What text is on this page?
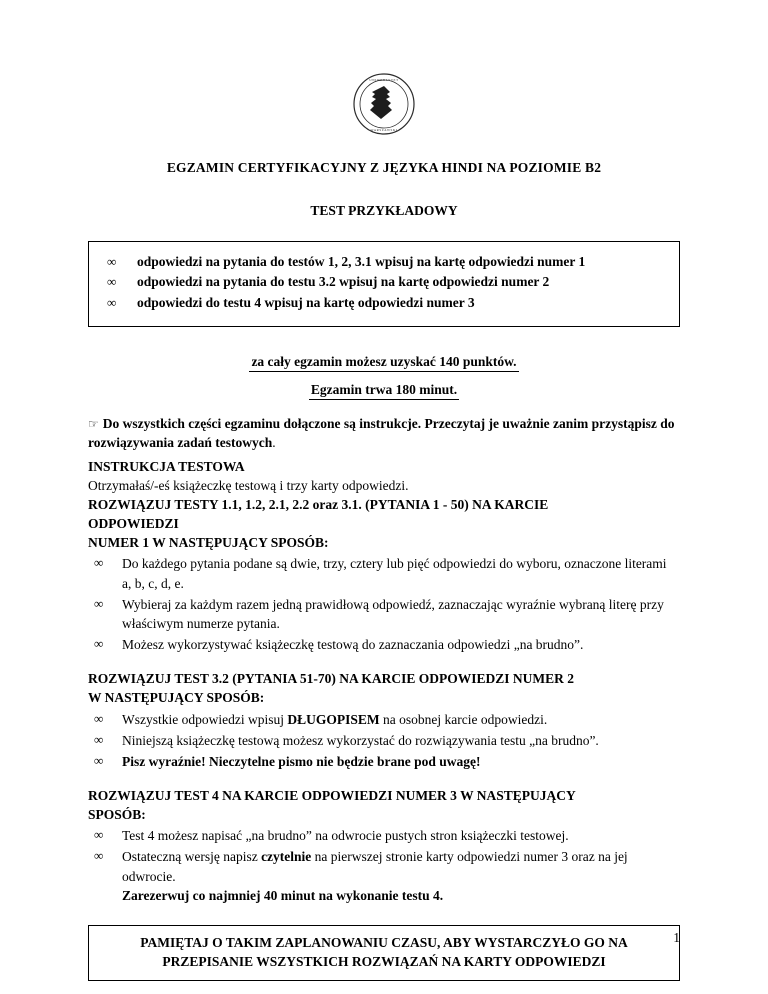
UNIWERSYTET
WARSZAWSKI
EGZAMIN CERTYFIKACYJNY Z JĘZYKA HINDI NA POZIOMIE B2
TEST PRZYKŁADOWY
∞ odpowiedzi na pytania do testów 1, 2, 3.1 wpisuj na kartę odpowiedzi numer 1
∞ odpowiedzi na pytania do testu 3.2 wpisuj na kartę odpowiedzi numer 2
∞ odpowiedzi do testu 4 wpisuj na kartę odpowiedzi numer 3
za cały egzamin możesz uzyskać 140 punktów.
Egzamin trwa 180 minut.
☞ Do wszystkich części egzaminu dołączone są instrukcje. Przeczytaj je uważnie zanim przystąpisz do rozwiązywania zadań testowych.

INSTRUKCJA TESTOWA

Otrzymałaś/-eś książeczkę testową i trzy karty odpowiedzi.

ROZWIĄZUJ TESTY 1.1, 1.2, 2.1, 2.2 oraz 3.1. (PYTANIA 1 - 50) NA KARCIE

ODPOWIEDZI

NUMER 1 W NASTĘPUJĄCY SPOSÓB:

∞ Do każdego pytania podane są dwie, trzy, cztery lub pięć odpowiedzi do wyboru, oznaczone literami
a, b, c, d, e.
∞ Wybieraj za każdym razem jedną prawidłową odpowiedź, zaznaczając wyraźnie wybraną literę przy właściwym numerze pytania.
∞ Możesz wykorzystywać książeczkę testową do zaznaczania odpowiedzi „na brudno”.

ROZWIĄZUJ TEST 3.2 (PYTANIA 51-70) NA KARCIE ODPOWIEDZI NUMER 2

W NASTĘPUJĄCY SPOSÓB:

∞ Wszystkie odpowiedzi wpisuj DŁUGOPISEM na osobnej karcie odpowiedzi.
∞ Niniejszą książeczkę testową możesz wykorzystać do rozwiązywania testu „na brudno”.
∞ Pisz wyraźnie! Nieczytelne pismo nie będzie brane pod uwagę!

ROZWIĄZUJ TEST 4 NA KARCIE ODPOWIEDZI NUMER 3 W NASTĘPUJĄCY

SPOSÓB:

∞ Test 4 możesz napisać „na brudno” na odwrocie pustych stron książeczki testowej.
∞ Ostateczną wersję napisz czytelnie na pierwszej stronie karty odpowiedzi numer 3 oraz na jej odwrocie.
Zarezerwuj co najmniej 40 minut na wykonanie testu 4.
PAMIĘTAJ O TAKIM ZAPLANOWANIU CZASU, ABY WYSTARCZYŁO GO NA
PRZEPISANIE WSZYSTKICH ROZWIĄZAŃ NA KARTY ODPOWIEDZI
1
